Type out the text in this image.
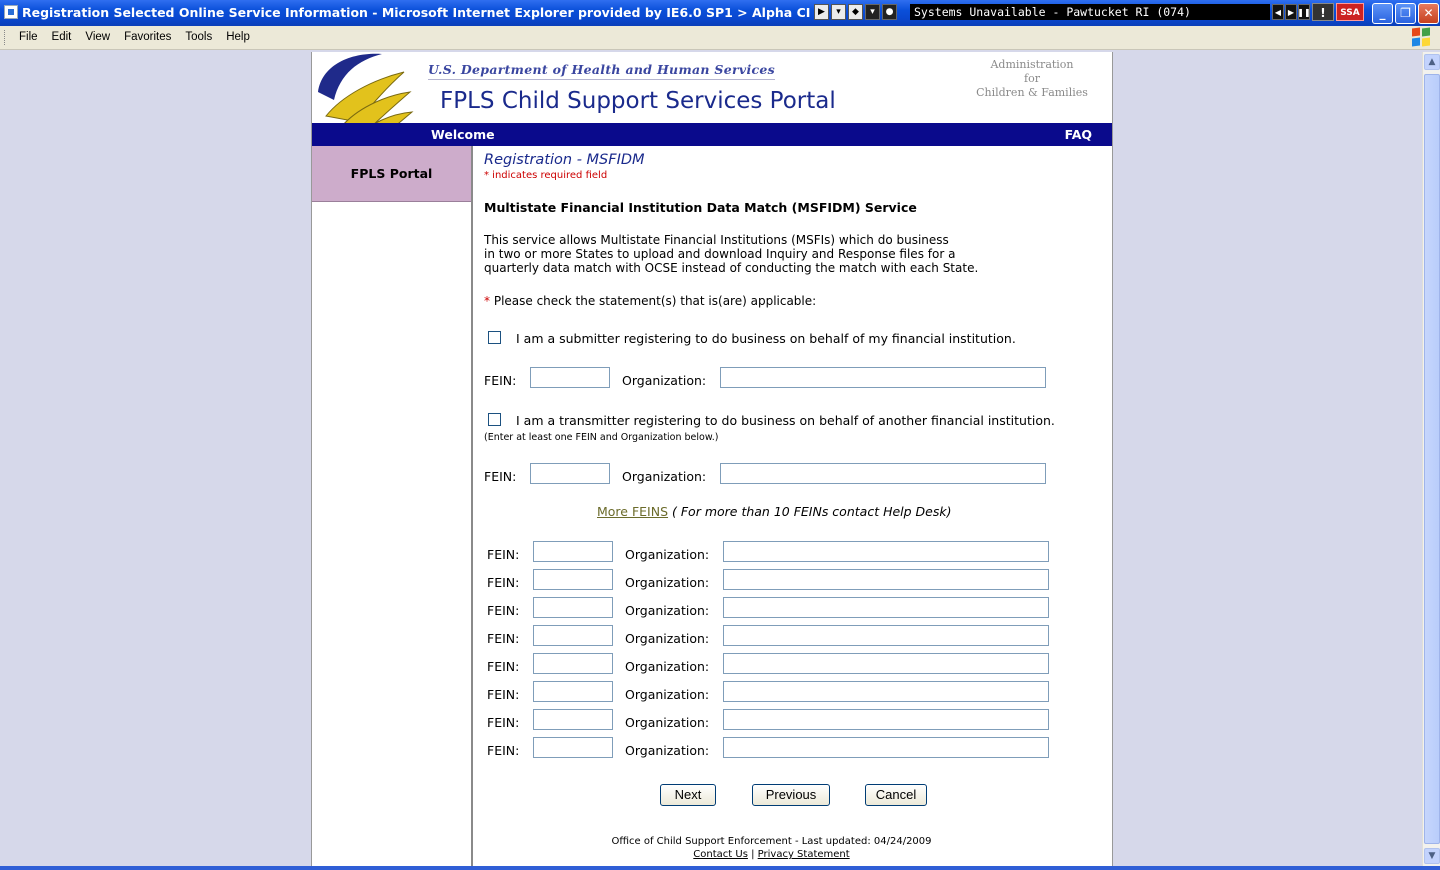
Registration Selected Online Service Information - Microsoft Internet Explorer provided by IE6.0 SP1 > Alpha CI ▶	▾	◆	▾	●	Systems Unavailable - Pawtucket RI (074)	◀ ▶ ❚❚ !	SSA	_	❐	✕
File	Edit	View	Favorites	Tools	Help
U.S. Department of Health and Human Services
FPLS Child Support Services Portal
Administration
for
Children & Families
Welcome	FAQ
FPLS Portal
Registration - MSFIDM
* indicates required field
Multistate Financial Institution Data Match (MSFIDM) Service
This service allows Multistate Financial Institutions (MSFIs) which do business
in two or more States to upload and download Inquiry and Response files for a
quarterly data match with OCSE instead of conducting the match with each State.
* Please check the statement(s) that is(are) applicable:
I am a submitter registering to do business on behalf of my financial institution.
FEIN:	Organization:
I am a transmitter registering to do business on behalf of another financial institution.
(Enter at least one FEIN and Organization below.)
FEIN:	Organization:
More FEINS ( For more than 10 FEINs contact Help Desk)
FEIN:	Organization:
FEIN:	Organization:
FEIN:	Organization:
FEIN:	Organization:
FEIN:	Organization:
FEIN:	Organization:
FEIN:	Organization:
FEIN:	Organization:
Next	Previous	Cancel
Office of Child Support Enforcement - Last updated: 04/24/2009
Contact Us | Privacy Statement
▲
▼
